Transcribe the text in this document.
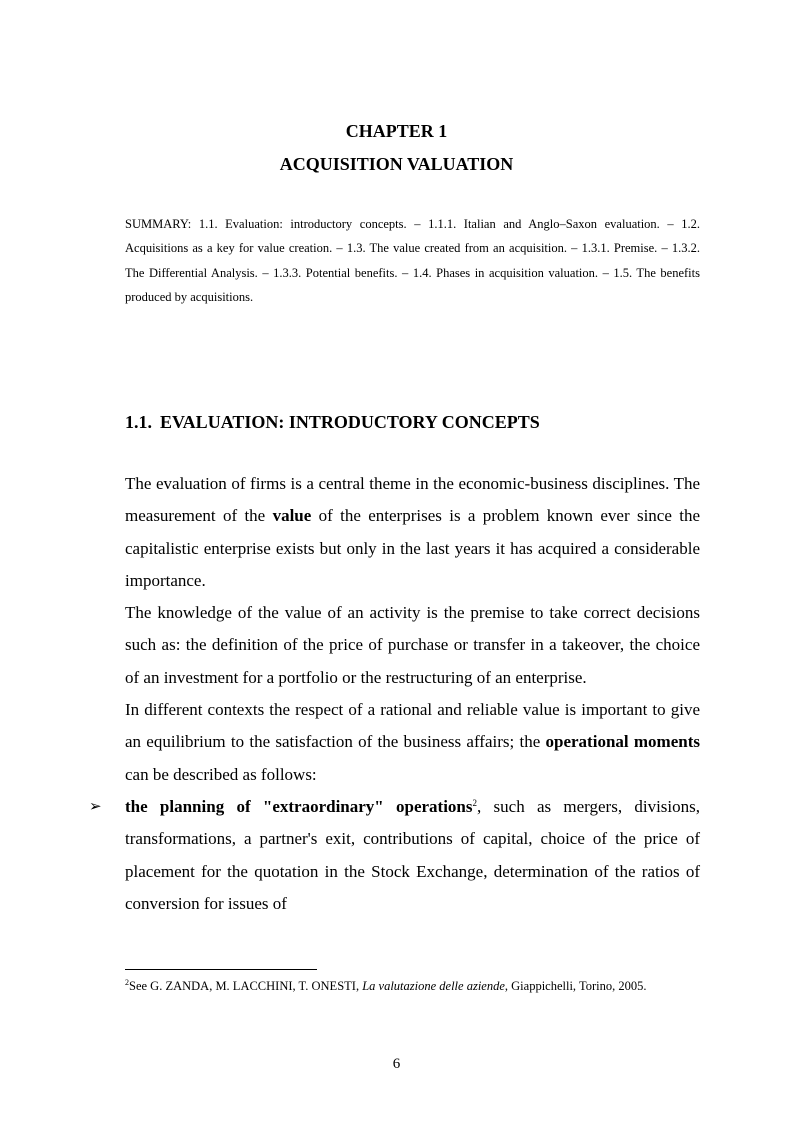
CHAPTER 1
ACQUISITION VALUATION

SUMMARY: 1.1. Evaluation: introductory concepts. – 1.1.1. Italian and Anglo–Saxon evaluation. – 1.2. Acquisitions as a key for value creation. – 1.3. The value created from an acquisition. – 1.3.1. Premise. – 1.3.2. The Differential Analysis. – 1.3.3. Potential benefits. – 1.4. Phases in acquisition valuation. – 1.5. The benefits produced by acquisitions.

1.1. EVALUATION: INTRODUCTORY CONCEPTS

The evaluation of firms is a central theme in the economic-business disciplines. The measurement of the value of the enterprises is a problem known ever since the capitalistic enterprise exists but only in the last years it has acquired a considerable importance.

The knowledge of the value of an activity is the premise to take correct decisions such as: the definition of the price of purchase or transfer in a takeover, the choice of an investment for a portfolio or the restructuring of an enterprise.

In different contexts the respect of a rational and reliable value is important to give an equilibrium to the satisfaction of the business affairs; the operational moments can be described as follows:

➢ the planning of "extraordinary" operations$^2$, such as mergers, divisions, transformations, a partner's exit, contributions of capital, choice of the price of placement for the quotation in the Stock Exchange, determination of the ratios of conversion for issues of

$^2$See G. ZANDA, M. LACCHINI, T. ONESTI, La valutazione delle aziende, Giappichelli, Torino, 2005.

6
